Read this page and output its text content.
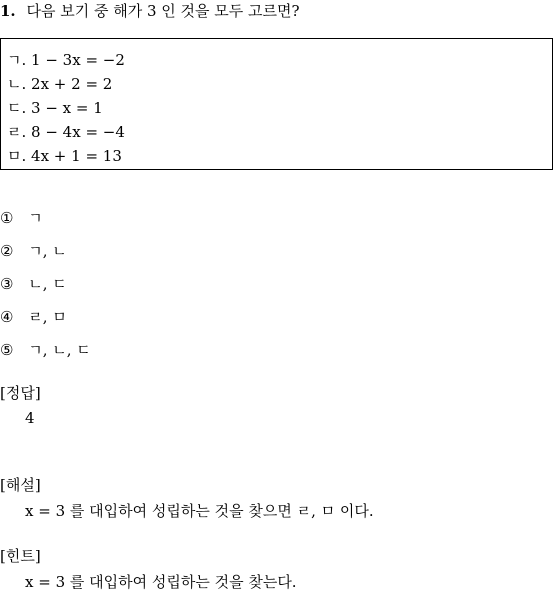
1. 다음 보기 중 해가 3 인 것을 모두 고르면?
ㄱ. 1 − 3x = −2
ㄴ. 2x + 2 = 2
ㄷ. 3 − x = 1
ㄹ. 8 − 4x = −4
ㅁ. 4x + 1 = 13
① ㄱ
② ㄱ, ㄴ
③ ㄴ, ㄷ
④ ㄹ, ㅁ
⑤ ㄱ, ㄴ, ㄷ
[정답]
4
[해설]
x = 3 를 대입하여 성립하는 것을 찾으면 ㄹ, ㅁ 이다.
[힌트]
x = 3 를 대입하여 성립하는 것을 찾는다.
